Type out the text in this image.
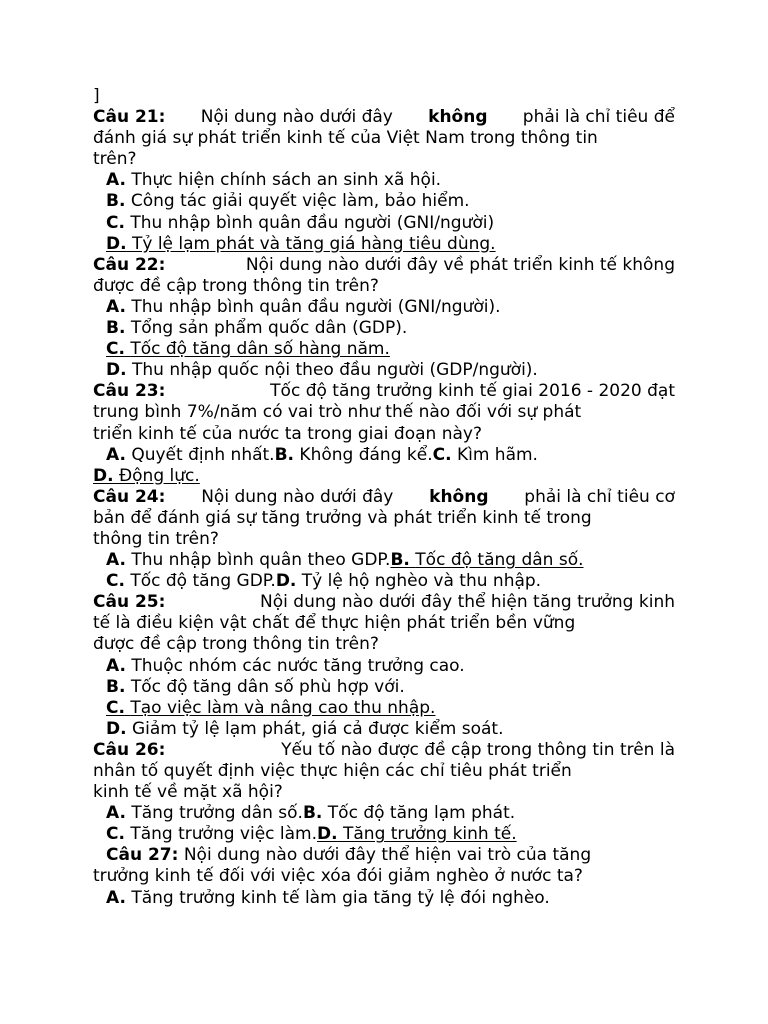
]
Câu 21: Nội dung nào dưới đây không phải là chỉ tiêu để
đánh giá sự phát triển kinh tế của Việt Nam trong thông tin
trên?
A. Thực hiện chính sách an sinh xã hội.
B. Công tác giải quyết việc làm, bảo hiểm.
C. Thu nhập bình quân đầu người (GNI/người)
D. Tỷ lệ lạm phát và tăng giá hàng tiêu dùng.
Câu 22:	Nội dung nào dưới đây về phát triển kinh tế không
được đề cập trong thông tin trên?
A. Thu nhập bình quân đầu người (GNI/người).
B. Tổng sản phẩm quốc dân (GDP).
C. Tốc độ tăng dân số hàng năm.
D. Thu nhập quốc nội theo đầu người (GDP/người).
Câu 23:	Tốc độ tăng trưởng kinh tế giai 2016 - 2020 đạt
trung bình 7%/năm có vai trò như thế nào đối với sự phát
triển kinh tế của nước ta trong giai đoạn này?
A. Quyết định nhất.B. Không đáng kể.C. Kìm hãm.
D. Động lực.
Câu 24: Nội dung nào dưới đây không phải là chỉ tiêu cơ
bản để đánh giá sự tăng trưởng và phát triển kinh tế trong
thông tin trên?
A. Thu nhập bình quân theo GDP.B. Tốc độ tăng dân số.
C. Tốc độ tăng GDP.D. Tỷ lệ hộ nghèo và thu nhập.
Câu 25:	Nội dung nào dưới đây thể hiện tăng trưởng kinh
tế là điều kiện vật chất để thực hiện phát triển bền vững
được đề cập trong thông tin trên?
A. Thuộc nhóm các nước tăng trưởng cao.
B. Tốc độ tăng dân số phù hợp với.
C. Tạo việc làm và nâng cao thu nhập.
D. Giảm tỷ lệ lạm phát, giá cả được kiểm soát.
Câu 26:	Yếu tố nào được đề cập trong thông tin trên là
nhân tố quyết định việc thực hiện các chỉ tiêu phát triển
kinh tế về mặt xã hội?
A. Tăng trưởng dân số.B. Tốc độ tăng lạm phát.
C. Tăng trưởng việc làm.D. Tăng trưởng kinh tế.
Câu 27: Nội dung nào dưới đây thể hiện vai trò của tăng
trưởng kinh tế đối với việc xóa đói giảm nghèo ở nước ta?
A. Tăng trưởng kinh tế làm gia tăng tỷ lệ đói nghèo.
